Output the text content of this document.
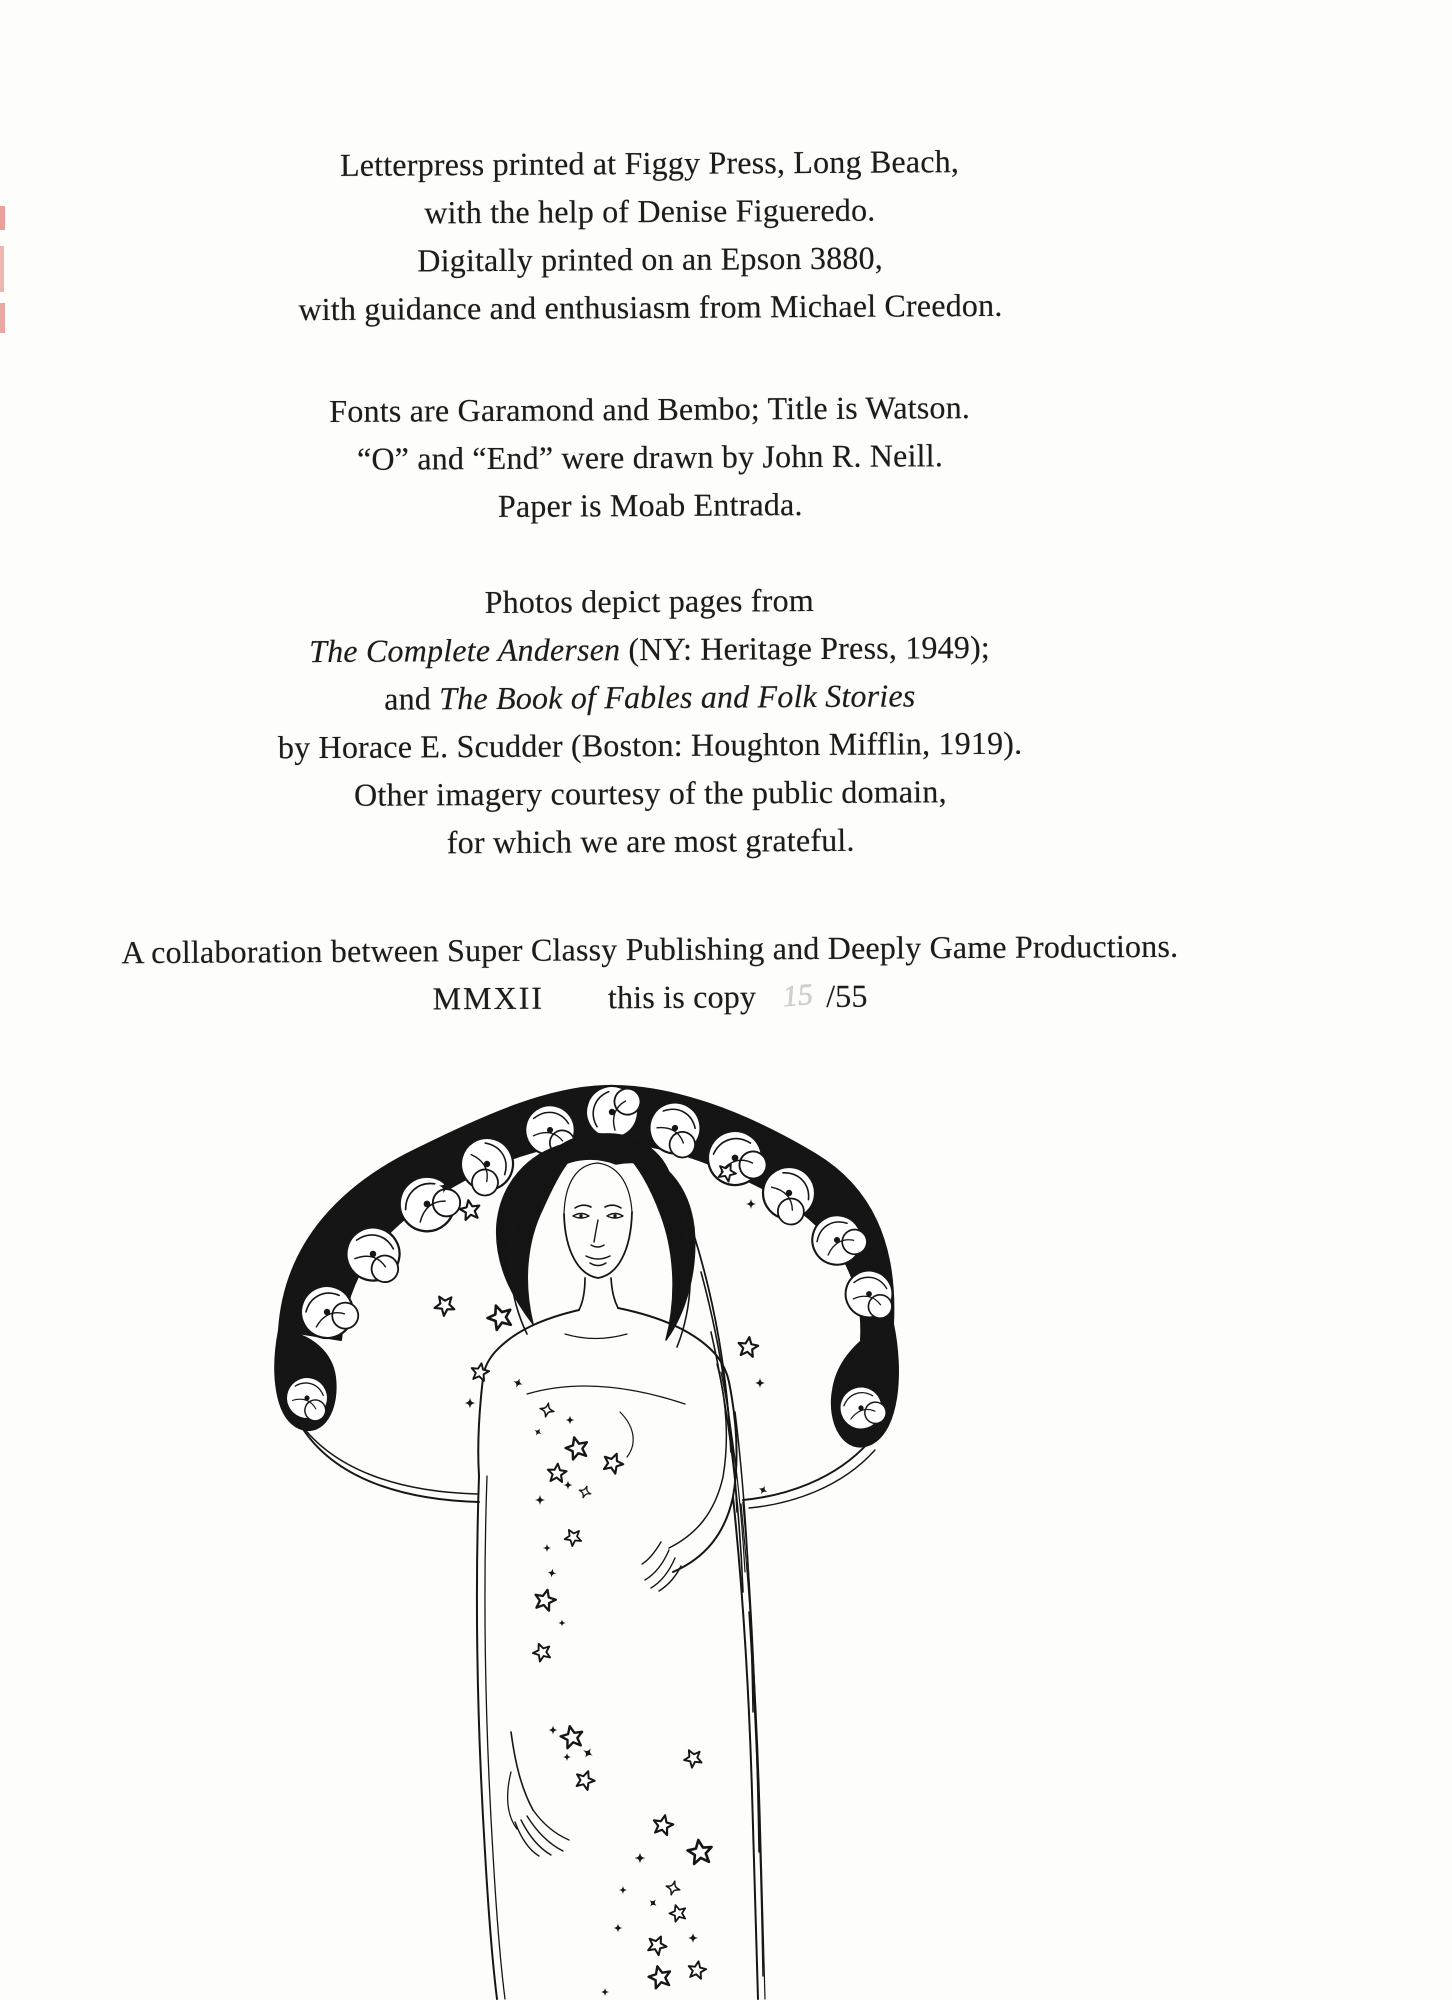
Letterpress printed at Figgy Press, Long Beach,
with the help of Denise Figueredo.
Digitally printed on an Epson 3880,
with guidance and enthusiasm from Michael Creedon.
Fonts are Garamond and Bembo; Title is Watson.
“O” and “End” were drawn by John R. Neill.
Paper is Moab Entrada.
Photos depict pages from
The Complete Andersen (NY: Heritage Press, 1949);
and The Book of Fables and Folk Stories
by Horace E. Scudder (Boston: Houghton Mifflin, 1919).
Other imagery courtesy of the public domain,
for which we are most grateful.
A collaboration between Super Classy Publishing and Deeply Game Productions.
MMXII this is copy 15 /55
